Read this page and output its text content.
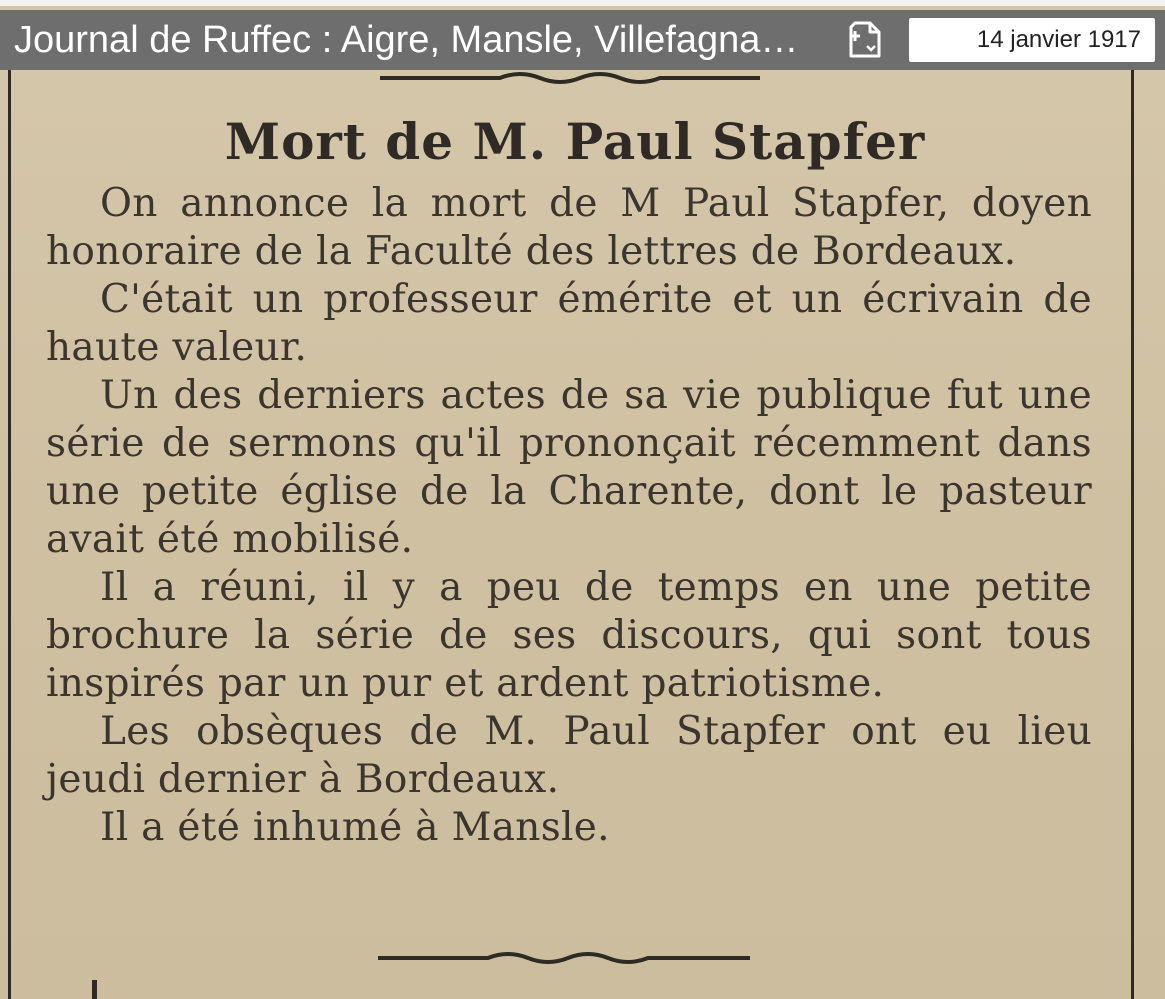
Journal de Ruffec : Aigre, Mansle, Villefagna…	14 janvier 1917
Mort de M. Paul Stapfer

On annonce la mort de M Paul Stapfer, doyen honoraire de la Faculté des lettres de Bordeaux.

C'était un professeur émérite et un écrivain de haute valeur.

Un des derniers actes de sa vie publique fut une série de sermons qu'il prononçait récemment dans une petite église de la Charente, dont le pasteur avait été mobilisé.

Il a réuni, il y a peu de temps en une petite brochure la série de ses discours, qui sont tous inspirés par un pur et ardent patriotisme.

Les obsèques de M. Paul Stapfer ont eu lieu jeudi dernier à Bordeaux.

Il a été inhumé à Mansle.
